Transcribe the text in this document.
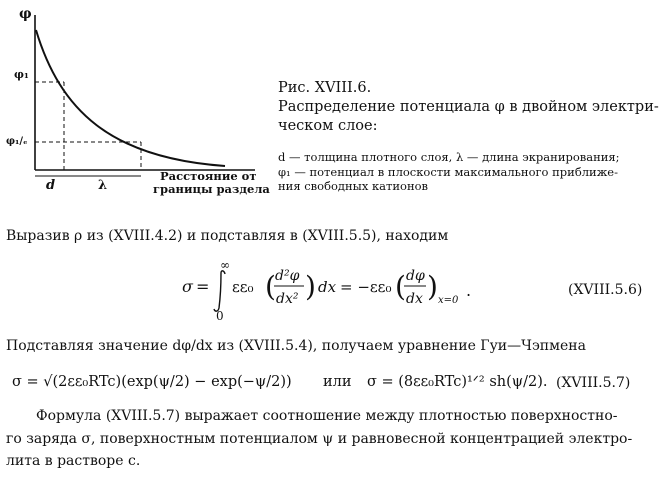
φ
φ₁
φ₁/ₑ
d	λ
Расстояние от
границы раздела
Рис. XVIII.6.
Распределение потенциала φ в двойном электри-
ческом слое:
d — толщина плотного слоя, λ — длина экранирования;
φ₁ — потенциал в плоскости максимального приближе-
ния свободных катионов
Выразив ρ из (XVIII.4.2) и подставляя в (XVIII.5.5), находим
σ =
∞
0
εε₀ ( d²φ
dx² ) dx = −εε₀ ( dφ
dx ) x=0
.	(XVIII.5.6)
Подставляя значение dφ/dx из (XVIII.5.4), получаем уравнение Гуи—Чэпмена
σ = √(2εε₀RTc)(exp(ψ/2) − exp(−ψ/2)) или σ = (8εε₀RTc)¹ᐟ² sh(ψ/2). (XVIII.5.7)
Формула (XVIII.5.7) выражает соотношение между плотностью поверхностно-
го заряда σ, поверхностным потенциалом ψ и равновесной концентрацией электро-
лита в растворе c.
